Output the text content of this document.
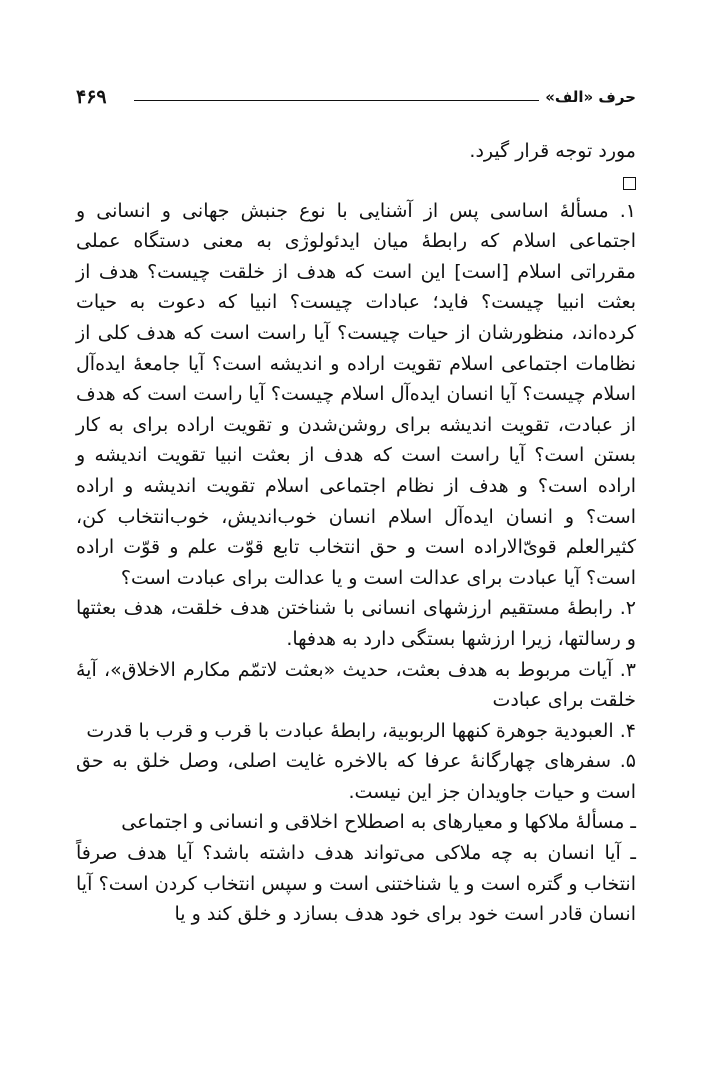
۴۶۹	حرف «الف»

مورد توجه قرار گیرد.

۱. مسألۀ اساسی پس از آشنایی با نوع جنبش جهانی و انسانی و اجتماعی اسلام که رابطۀ میان ایدئولوژی به معنی دستگاه عملی مقرراتی اسلام [است] این است که هدف از خلقت چیست؟ هدف از بعثت انبیا چیست؟ فاید؛ عبادات چیست؟ انبیا که دعوت به حیات کرده‌اند، منظورشان از حیات چیست؟ آیا راست است که هدف کلی از نظامات اجتماعی اسلام تقویت اراده و اندیشه است؟ آیا جامعۀ ایده‌آل اسلام چیست؟ آیا انسان ایده‌آل اسلام چیست؟ آیا راست است که هدف از عبادت، تقویت اندیشه برای روشن‌شدن و تقویت اراده برای به کار بستن است؟ آیا راست است که هدف از بعثت انبیا تقویت اندیشه و اراده است؟ و هدف از نظام اجتماعی اسلام تقویت اندیشه و اراده است؟ و انسان ایده‌آل اسلام انسان خوب‌اندیش‌، خوب‌انتخاب کن، کثیرالعلم قویّ‌الاراده است و حق انتخاب تابع قوّت علم و قوّت اراده است؟ آیا عبادت برای عدالت است و یا عدالت برای عبادت است؟

۲. رابطۀ مستقیم ارزشهای انسانی با شناختن هدف خلقت، هدف بعثتها و رسالتها، زیرا ارزشها بستگی دارد به هدفها.

۳. آیات مربوط به هدف بعثت، حدیث «بعثت لاتمّم مکارم الاخلاق»، آیۀ خلقت برای عبادت

۴. العبودیة جوهرة کنهها الربوبیة، رابطۀ عبادت با قرب و قرب با قدرت

۵. سفرهای چهارگانۀ عرفا که بالاخره غایت اصلی، وصل خلق به حق است و حیات جاویدان جز این نیست.

ـ مسألۀ ملاکها و معیارهای به اصطلاح اخلاقی و انسانی و اجتماعی

ـ آیا انسان به چه ملاکی می‌تواند هدف داشته باشد؟ آیا هدف صرفاً انتخاب و گتره است و یا شناختنی است و سپس انتخاب کردن است؟ آیا انسان قادر است خود برای خود هدف بسازد و خلق کند و یا
